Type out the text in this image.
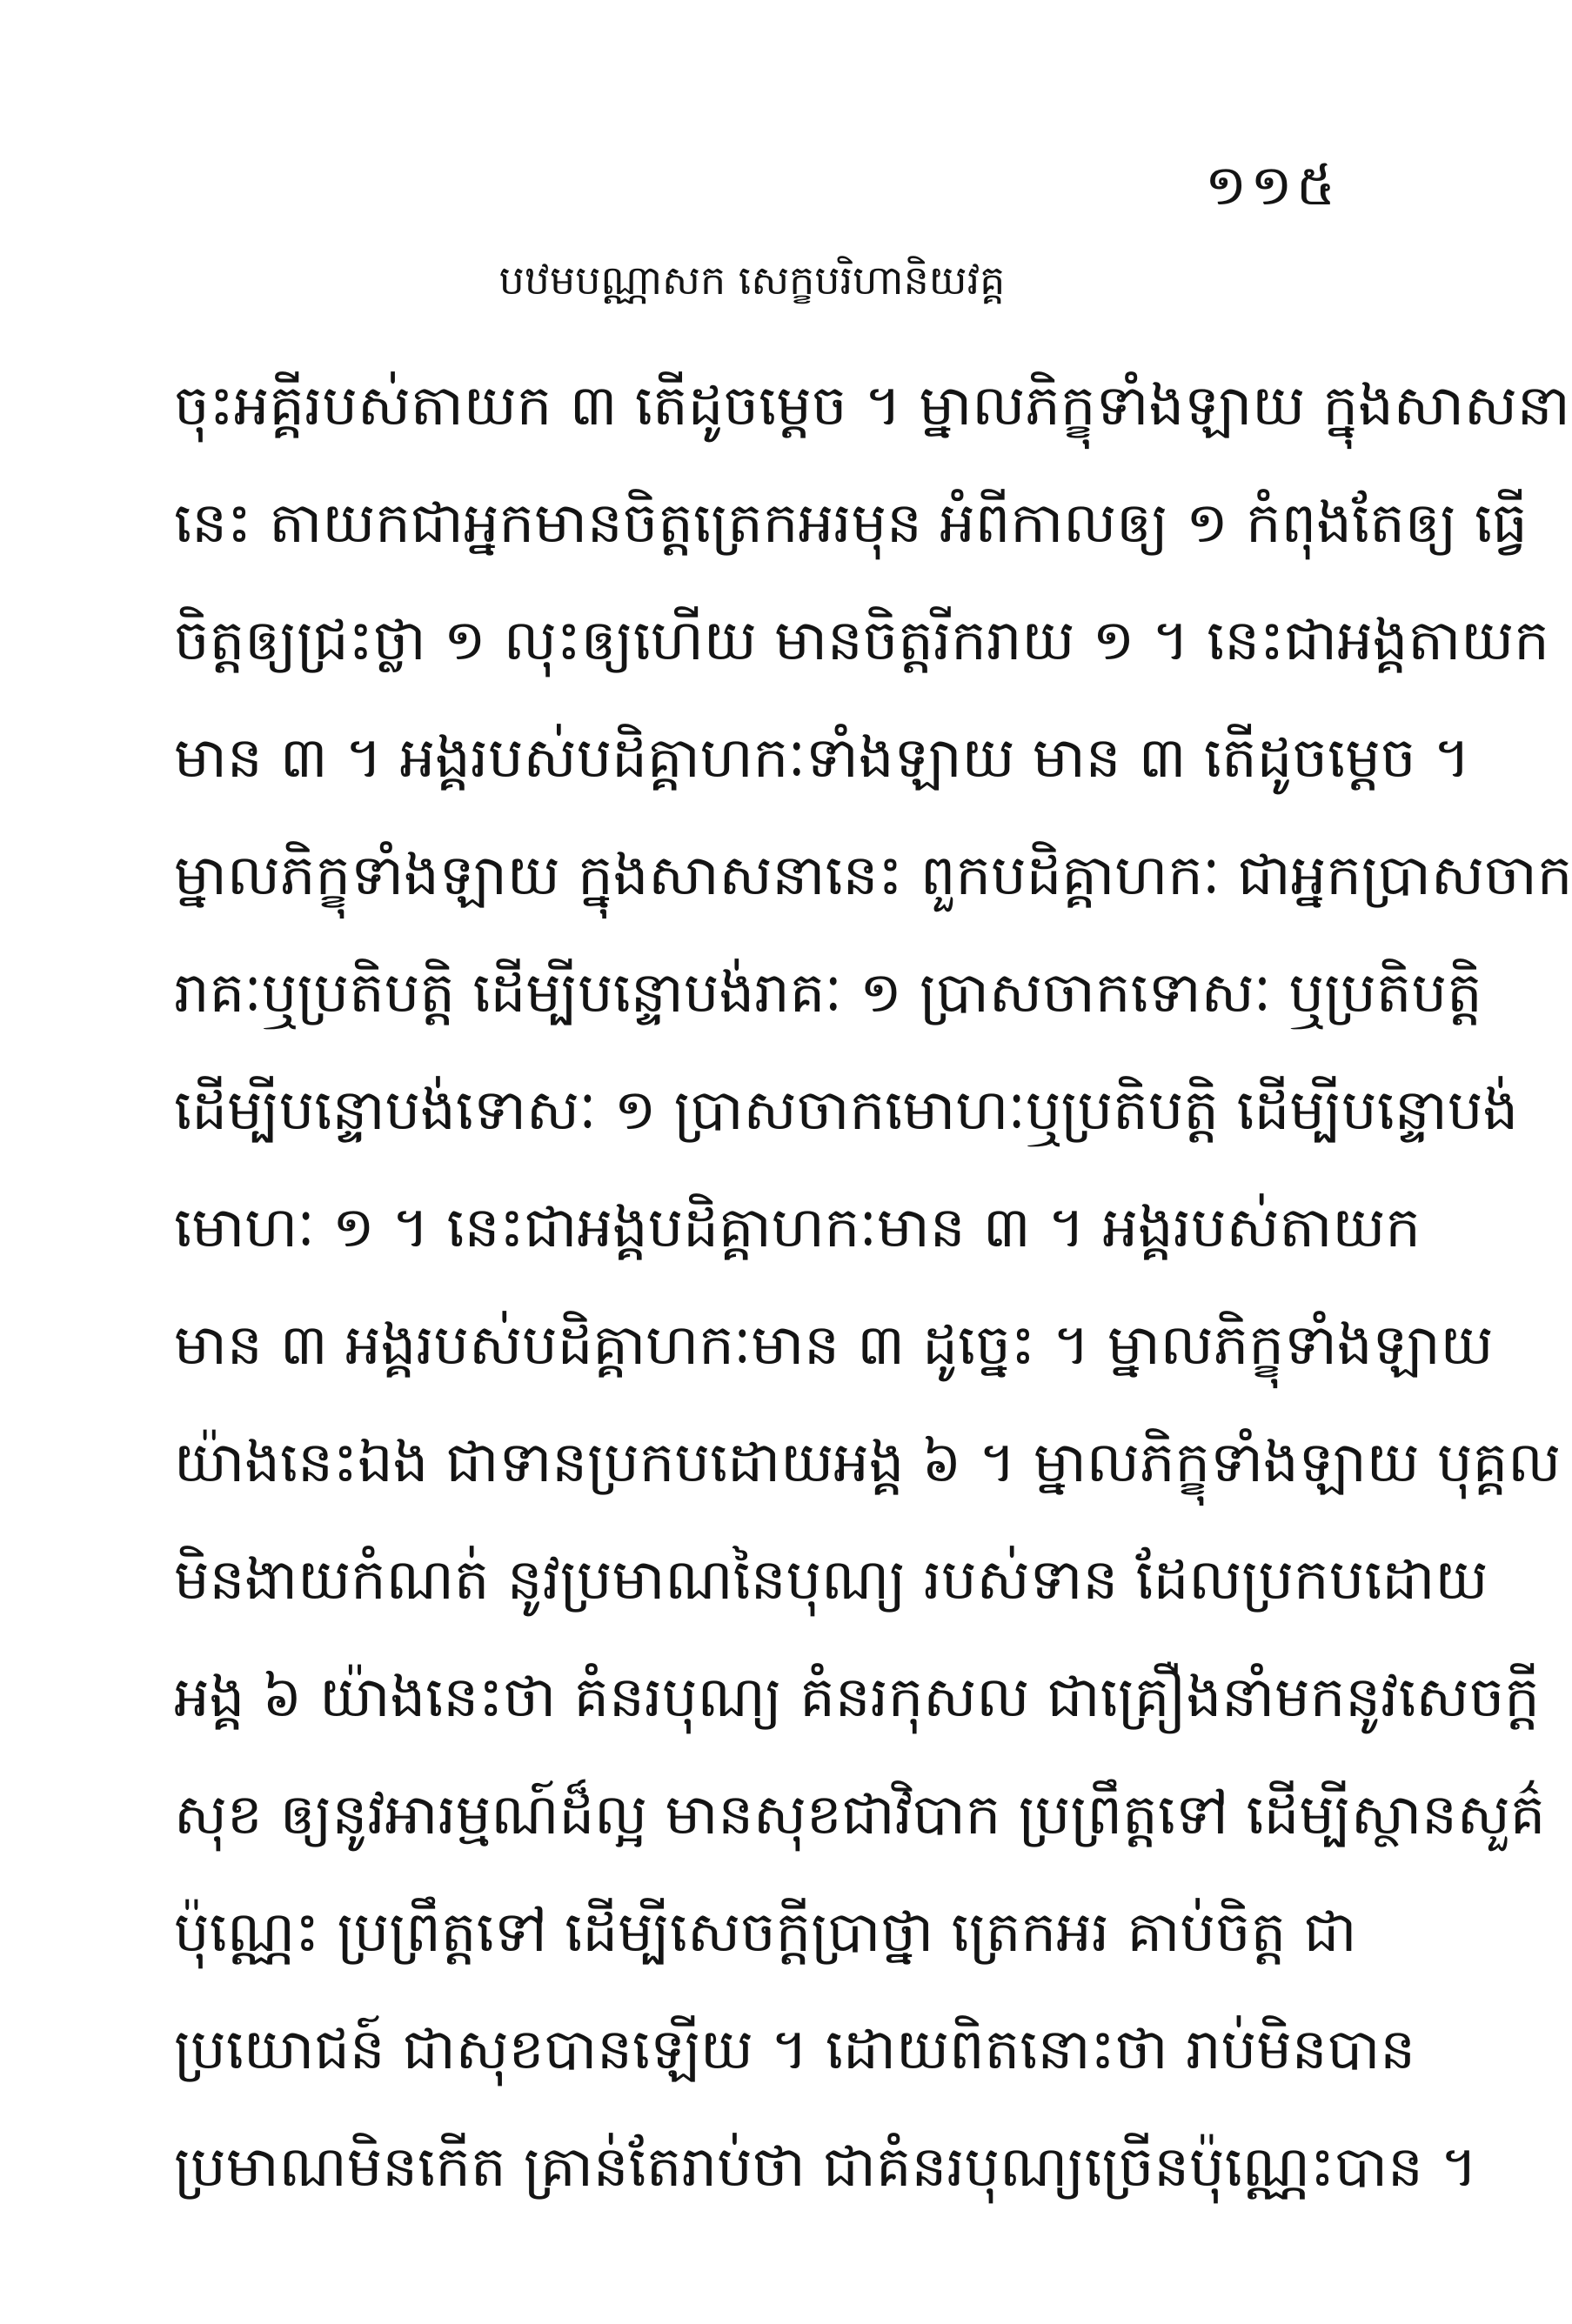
១១៥
បឋមបណ្ណាសក សេក្ខបរិហានិយវគ្គ
ចុះអគ្គីរបស់តាយក ៣ តើដូចម្តេច ។ ម្នាលភិក្ខុទាំងឡាយ ក្នុងសាសនា
នេះ តាយកជាអ្នកមានចិត្តត្រេកអរមុន អំពីកាលឲ្យ ១ កំពុងតែឲ្យ ធ្វើ
ចិត្តឲ្យជ្រះថ្លា ១ លុះឲ្យហើយ មានចិត្តរីករាយ ១ ។ នេះជាអង្គតាយក
មាន ៣ ។ អង្គរបស់បដិគ្គាហកៈទាំងឡាយ មាន ៣ តើដូចម្តេច ។
ម្នាលភិក្ខុទាំងឡាយ ក្នុងសាសនានេះ ពួកបដិគ្គាហកៈ ជាអ្នកប្រាសចាក
រាគៈឬប្រតិបត្តិ ដើម្បីបន្ទោបង់រាគៈ ១ ប្រាសចាកទោសៈ ឬប្រតិបត្តិ
ដើម្បីបន្ទោបង់ទោសៈ ១ ប្រាសចាកមោហៈឬប្រតិបត្តិ ដើម្បីបន្ទោបង់
មោហៈ ១ ។ នេះជាអង្គបដិគ្គាហកៈមាន ៣ ។ អង្គរបស់តាយក
មាន ៣ អង្គរបស់បដិគ្គាហកៈមាន ៣ ដូច្នេះ ។ ម្នាលភិក្ខុទាំងឡាយ
យ៉ាងនេះឯង ជាទានប្រកបដោយអង្គ ៦ ។ ម្នាលភិក្ខុទាំងឡាយ បុគ្គល
មិនងាយកំណត់ នូវប្រមាណនៃបុណ្យ របស់ទាន ដែលប្រកបដោយ
អង្គ ៦ យ៉ាងនេះថា គំនរបុណ្យ គំនរកុសល ជាគ្រឿងនាំមកនូវសេចក្តី
សុខ ឲ្យនូវអារម្មណ៍ដ៏ល្អ មានសុខជាវិបាក ប្រព្រឹត្តទៅ ដើម្បីស្ថានសួគ៌
ប៉ុណ្ណេះ ប្រព្រឹត្តទៅ ដើម្បីសេចក្តីប្រាថ្នា ត្រេកអរ គាប់ចិត្ត ជា
ប្រយោជន៍ ជាសុខបានឡើយ ។ ដោយពិតនោះថា រាប់មិនបាន
ប្រមាណមិនកើត គ្រាន់តែរាប់ថា ជាគំនរបុណ្យច្រើនប៉ុណ្ណេះបាន ។
